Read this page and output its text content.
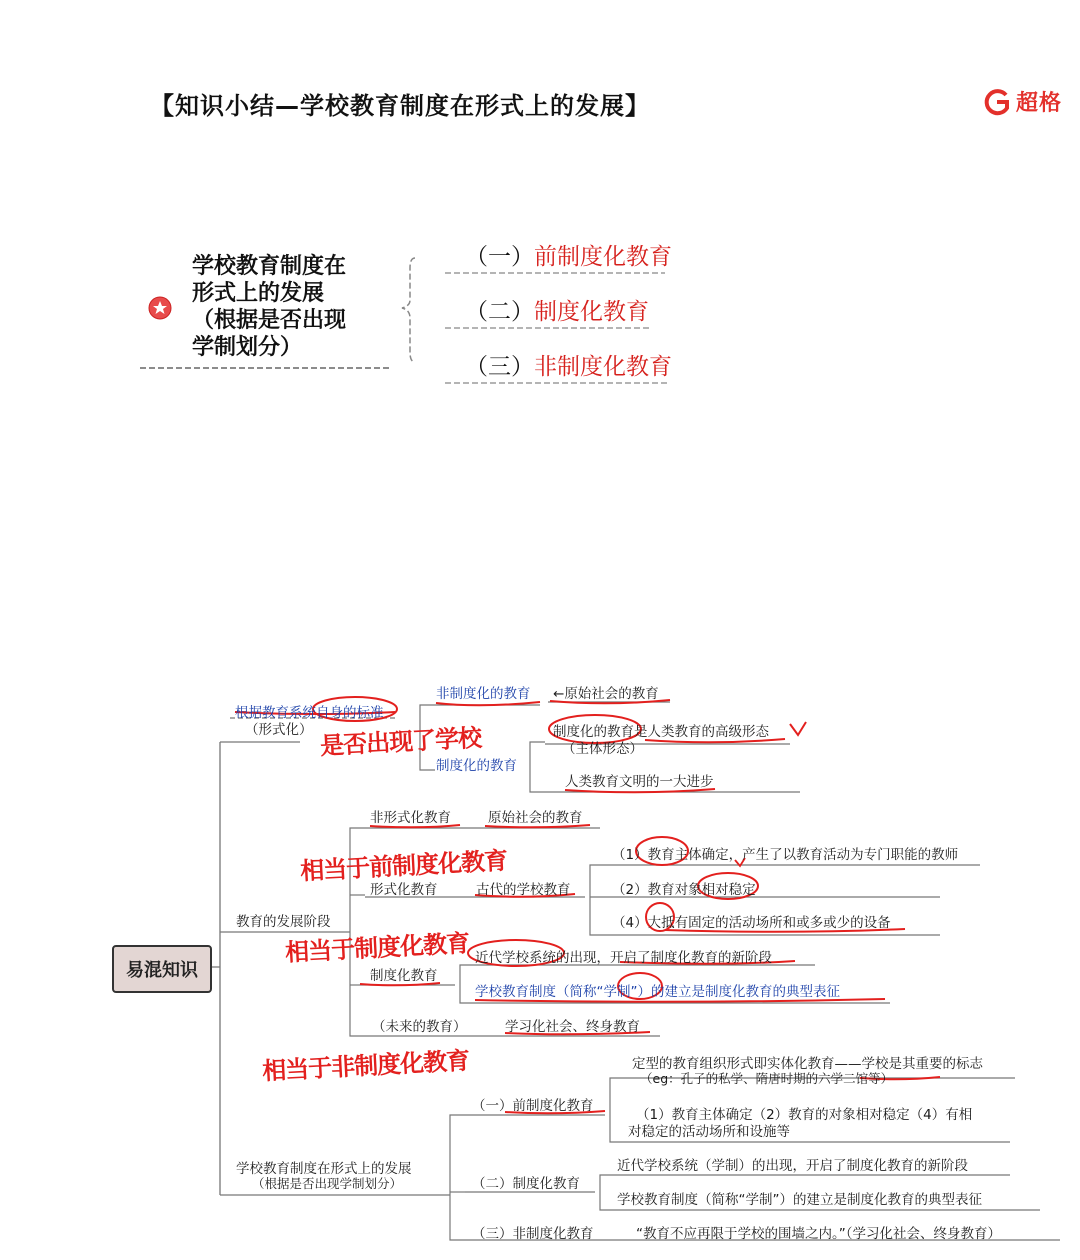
【知识小结—学校教育制度在形式上的发展】	超格
学校教育制度在
形式上的发展
（根据是否出现
学制划分）
（一）前制度化教育
（二）制度化教育
（三）非制度化教育
易混知识
根据教育系统自身的标准
（形式化）
非制度化的教育 ←原始社会的教育
制度化的教育
制度化的教育是人类教育的高级形态
（主体形态）
人类教育文明的一大进步
教育的发展阶段
非形式化教育	原始社会的教育
形式化教育	古代的学校教育
（1）教育主体确定，产生了以教育活动为专门职能的教师
（2）教育对象相对稳定
（4）大抵有固定的活动场所和或多或少的设备
制度化教育
近代学校系统的出现，开启了制度化教育的新阶段
学校教育制度（简称“学制”）的建立是制度化教育的典型表征
（未来的教育）	学习化社会、终身教育
学校教育制度在形式上的发展
（根据是否出现学制划分）
（一）前制度化教育
定型的教育组织形式即实体化教育——学校是其重要的标志
（eg：孔子的私学、隋唐时期的六学二馆等）
（1）教育主体确定（2）教育的对象相对稳定（4）有相
对稳定的活动场所和设施等
（二）制度化教育
近代学校系统（学制）的出现，开启了制度化教育的新阶段
学校教育制度（简称“学制”）的建立是制度化教育的典型表征
（三）非制度化教育	“教育不应再限于学校的围墙之内。”（学习化社会、终身教育）
是否出现了学校
相当于前制度化教育
相当于制度化教育
相当于非制度化教育
